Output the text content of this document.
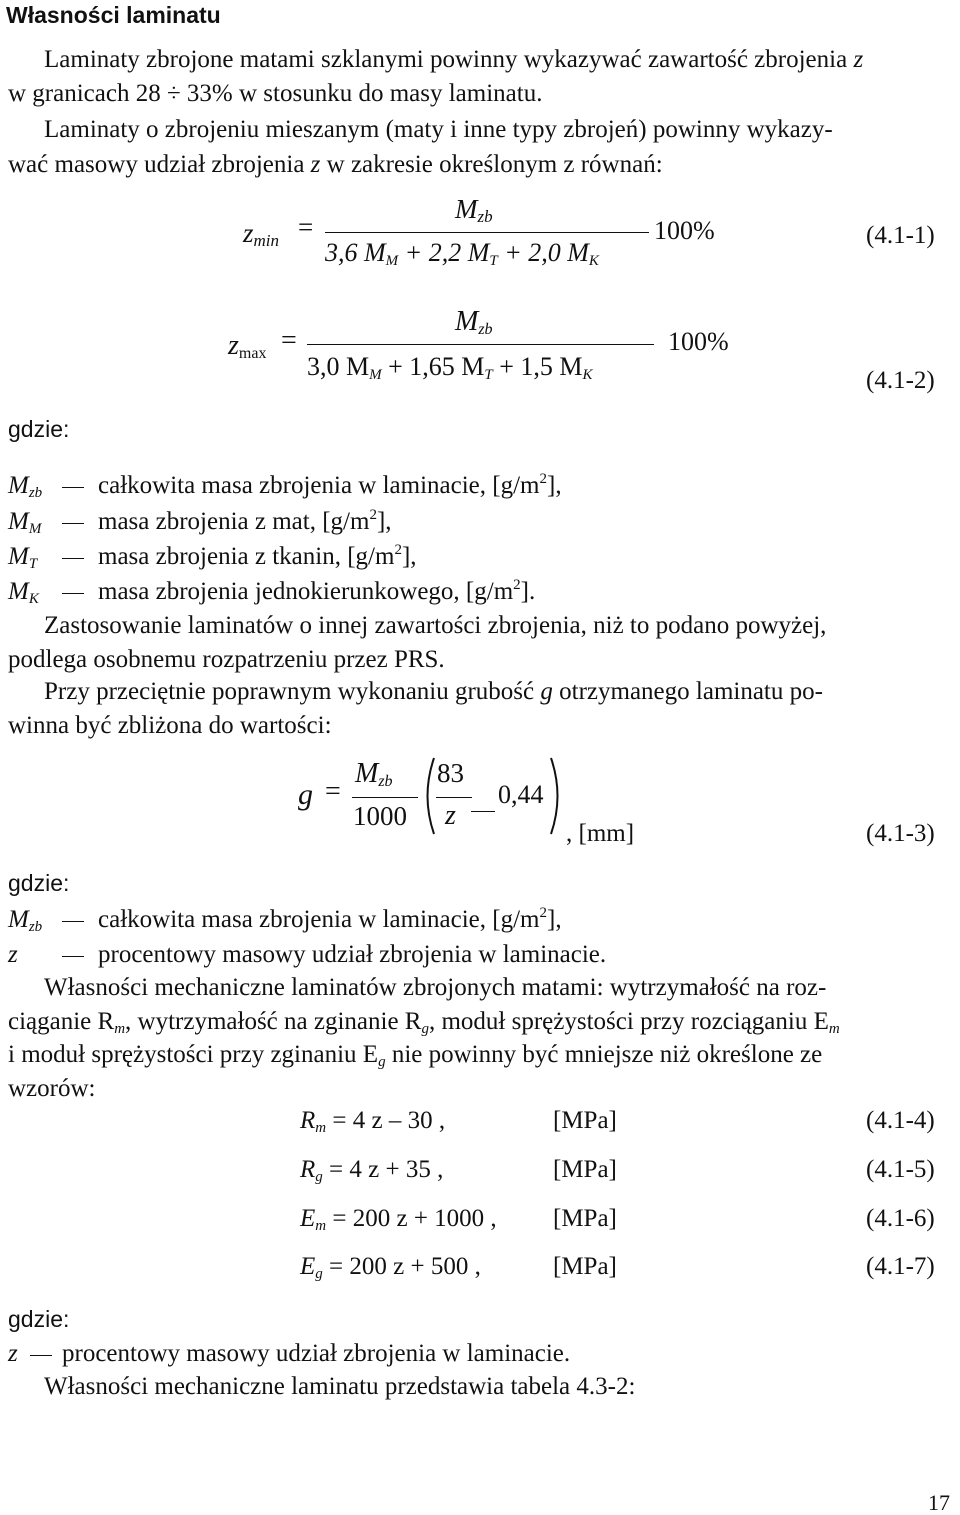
Własności laminatu
Laminaty zbrojone matami szklanymi powinny wykazywać zawartość zbrojenia z
w granicach 28 ÷ 33% w stosunku do masy laminatu.
Laminaty o zbrojeniu mieszanym (maty i inne typy zbrojeń) powinny wykazy-
wać masowy udział zbrojenia z w zakresie określonym z równań:
$z_{min}$ =
$M_{zb}$
3,6 $M_M + 2,2$ $M_T + 2,0$ $M_K$
100%	(4.1-1)
$z_{max}$ =
$M_{zb}$
3,0 $M_M + 1,65$ $M_T + 1,5$ $M_K$
100%
(4.1-2)
gdzie:
$M_{zb}$ całkowita masa zbrojenia w laminacie, $[g/m^2]$,
$M_M$ masa zbrojenia z mat, $[g/m^2]$,
$M_T$ masa zbrojenia z tkanin, $[g/m^2]$,
$M_K$ masa zbrojenia jednokierunkowego, $[g/m^2]$.
Zastosowanie laminatów o innej zawartości zbrojenia, niż to podano powyżej,
podlega osobnemu rozpatrzeniu przez PRS.
Przy przeciętnie poprawnym wykonaniu grubość g otrzymanego laminatu po-
winna być zbliżona do wartości:
g =
$M_{zb}$
1000
83
z
0,44
, [mm]	(4.1-3)
gdzie:
$M_{zb}$ całkowita masa zbrojenia w laminacie, $[g/m^2]$,
z	procentowy masowy udział zbrojenia w laminacie.
Własności mechaniczne laminatów zbrojonych matami: wytrzymałość na roz-
ciąganie $R_m$, wytrzymałość na zginanie $R_g$, moduł sprężystości przy rozciąganiu $E_m$
i moduł sprężystości przy zginaniu $E_g$ nie powinny być mniejsze niż określone ze
wzorów:
$R_m = 4$ z – 30 ,	[MPa]	(4.1-4)
$R_g = 4$ z + 35 ,	[MPa]	(4.1-5)
$E_m = 200$ z + 1000 , [MPa]	(4.1-6)
$E_g = 200$ z + 500 ,	[MPa]	(4.1-7)
gdzie:
z procentowy masowy udział zbrojenia w laminacie.
Własności mechaniczne laminatu przedstawia tabela 4.3-2:
17
